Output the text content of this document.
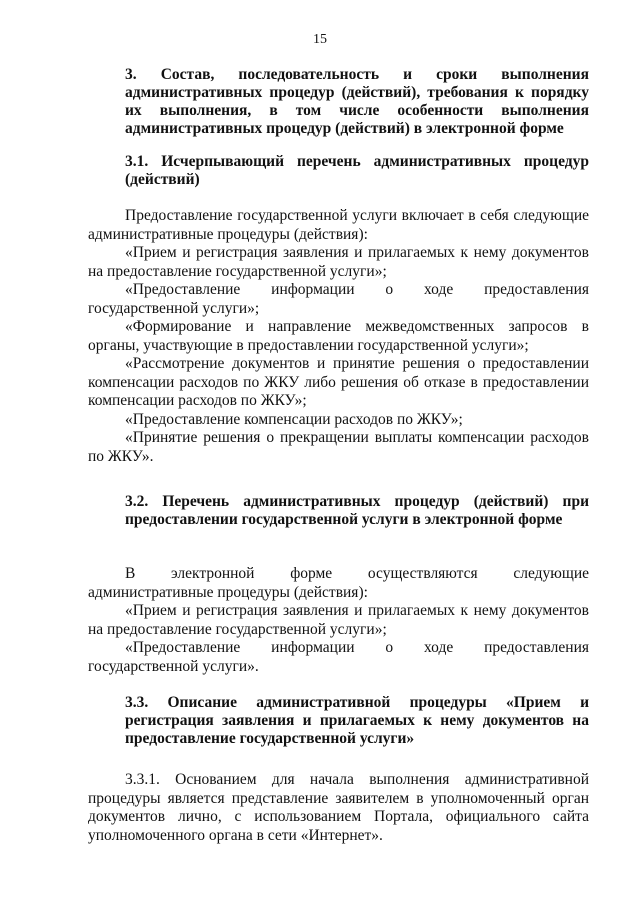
15
3. Состав, последовательность и сроки выполнения административных процедур (действий), требования к порядку их выполнения, в том числе особенности выполнения административных процедур (действий) в электронной форме
3.1. Исчерпывающий перечень административных процедур (действий)
Предоставление государственной услуги включает в себя следующие административные процедуры (действия):
«Прием и регистрация заявления и прилагаемых к нему документов на предоставление государственной услуги»;
«Предоставление информации о ходе предоставления государственной услуги»;
«Формирование и направление межведомственных запросов в органы, участвующие в предоставлении государственной услуги»;
«Рассмотрение документов и принятие решения о предоставлении компенсации расходов по ЖКУ либо решения об отказе в предоставлении компенсации расходов по ЖКУ»;
«Предоставление компенсации расходов по ЖКУ»;
«Принятие решения о прекращении выплаты компенсации расходов по ЖКУ».
3.2. Перечень административных процедур (действий) при предоставлении государственной услуги в электронной форме
В электронной форме осуществляются следующие административные процедуры (действия):
«Прием и регистрация заявления и прилагаемых к нему документов на предоставление государственной услуги»;
«Предоставление информации о ходе предоставления государственной услуги».
3.3. Описание административной процедуры «Прием и регистрация заявления и прилагаемых к нему документов на предоставление государственной услуги»
3.3.1. Основанием для начала выполнения административной процедуры является представление заявителем в уполномоченный орган документов лично, с использованием Портала, официального сайта уполномоченного органа в сети «Интернет».
